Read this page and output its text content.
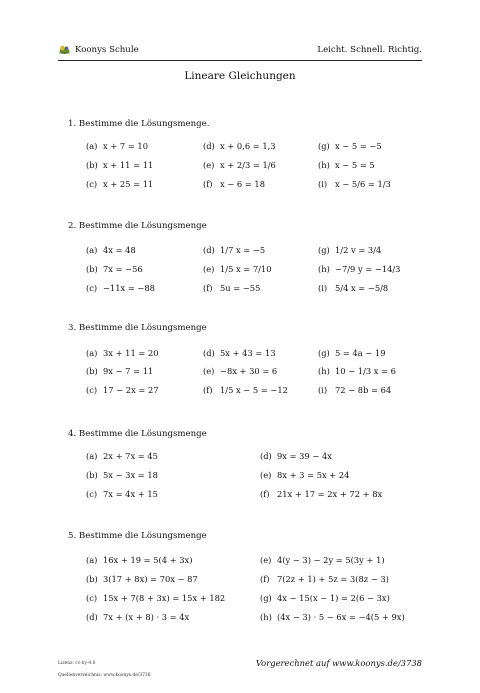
Koonys Schule	Leicht. Schnell. Richtig.
Lineare Gleichungen
1. Bestimme die Lösungsmenge.
(a) x + 7 = 10
(b) x + 11 = 11
(c) x + 25 = 11
(d) x + 0,6 = 1,3
(e) x + 2/3 = 1/6
(f) x − 6 = 18
(g) x − 5 = −5
(h) x − 5 = 5
(i) x − 5/6 = 1/3
2. Bestimme die Lösungsmenge
(a) 4x = 48
(b) 7x = −56
(c) −11x = −88
(d) 1/7 x = −5
(e) 1/5 x = 7/10
(f) 5u = −55
(g) 1/2 v = 3/4
(h) −7/9 y = −14/3
(i) 5/4 x = −5/8
3. Bestimme die Lösungsmenge
(a) 3x + 11 = 20
(b) 9x − 7 = 11
(c) 17 − 2x = 27
(d) 5x + 43 = 13
(e) −8x + 30 = 6
(f) 1/5 x − 5 = −12
(g) 5 = 4a − 19
(h) 10 − 1/3 x = 6
(i) 72 − 8b = 64
4. Bestimme die Lösungsmenge
(a) 2x + 7x = 45
(b) 5x − 3x = 18
(c) 7x = 4x + 15
(d) 9x = 39 − 4x
(e) 8x + 3 = 5x + 24
(f) 21x + 17 = 2x + 72 + 8x
5. Bestimme die Lösungsmenge
(a) 16x + 19 = 5(4 + 3x)
(b) 3(17 + 8x) = 70x − 87
(c) 15x + 7(8 + 3x) = 15x + 182
(d) 7x + (x + 8) · 3 = 4x
(e) 4(y − 3) − 2y = 5(3y + 1)
(f) 7(2z + 1) + 5z = 3(8z − 3)
(g) 4x − 15(x − 1) = 2(6 − 3x)
(h) (4x − 3) · 5 − 6x = −4(5 + 9x)
Lizenz: cc-by-4.0
Quellenverzeichnis: www.koonys.de/3738
Vorgerechnet auf www.koonys.de/3738
